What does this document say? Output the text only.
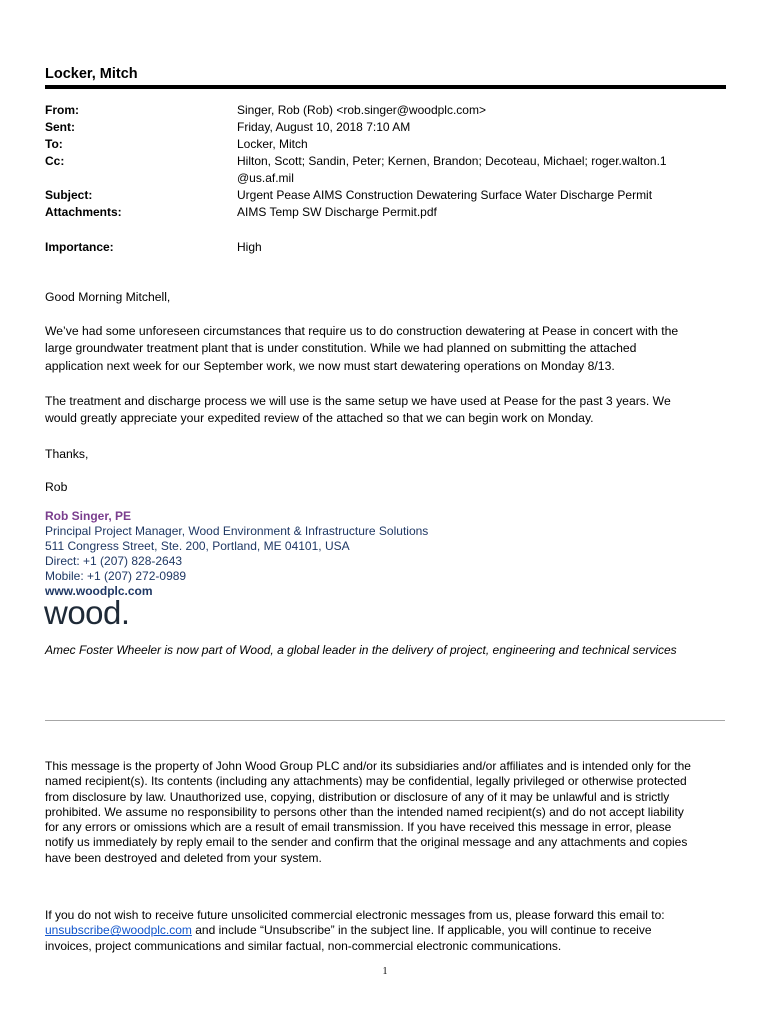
Locker, Mitch
From:	Singer, Rob (Rob) <rob.singer@woodplc.com>
Sent:	Friday, August 10, 2018 7:10 AM
To:	Locker, Mitch
Cc:	Hilton, Scott; Sandin, Peter; Kernen, Brandon; Decoteau, Michael; roger.walton.1
@us.af.mil
Subject:	Urgent Pease AIMS Construction Dewatering Surface Water Discharge Permit
Attachments:	AIMS Temp SW Discharge Permit.pdf
Importance:	High
Good Morning Mitchell,
We’ve had some unforeseen circumstances that require us to do construction dewatering at Pease in concert with the
large groundwater treatment plant that is under constitution. While we had planned on submitting the attached
application next week for our September work, we now must start dewatering operations on Monday 8/13.
The treatment and discharge process we will use is the same setup we have used at Pease for the past 3 years. We
would greatly appreciate your expedited review of the attached so that we can begin work on Monday.
Thanks,
Rob
Rob Singer, PE
Principal Project Manager, Wood Environment & Infrastructure Solutions
511 Congress Street, Ste. 200, Portland, ME 04101, USA
Direct: +1 (207) 828-2643
Mobile: +1 (207) 272-0989
www.woodplc.com
wood.
Amec Foster Wheeler is now part of Wood, a global leader in the delivery of project, engineering and technical services
This message is the property of John Wood Group PLC and/or its subsidiaries and/or affiliates and is intended only for the
named recipient(s). Its contents (including any attachments) may be confidential, legally privileged or otherwise protected
from disclosure by law. Unauthorized use, copying, distribution or disclosure of any of it may be unlawful and is strictly
prohibited. We assume no responsibility to persons other than the intended named recipient(s) and do not accept liability
for any errors or omissions which are a result of email transmission. If you have received this message in error, please
notify us immediately by reply email to the sender and confirm that the original message and any attachments and copies
have been destroyed and deleted from your system.
If you do not wish to receive future unsolicited commercial electronic messages from us, please forward this email to:
unsubscribe@woodplc.com and include “Unsubscribe” in the subject line. If applicable, you will continue to receive
invoices, project communications and similar factual, non-commercial electronic communications.
1
